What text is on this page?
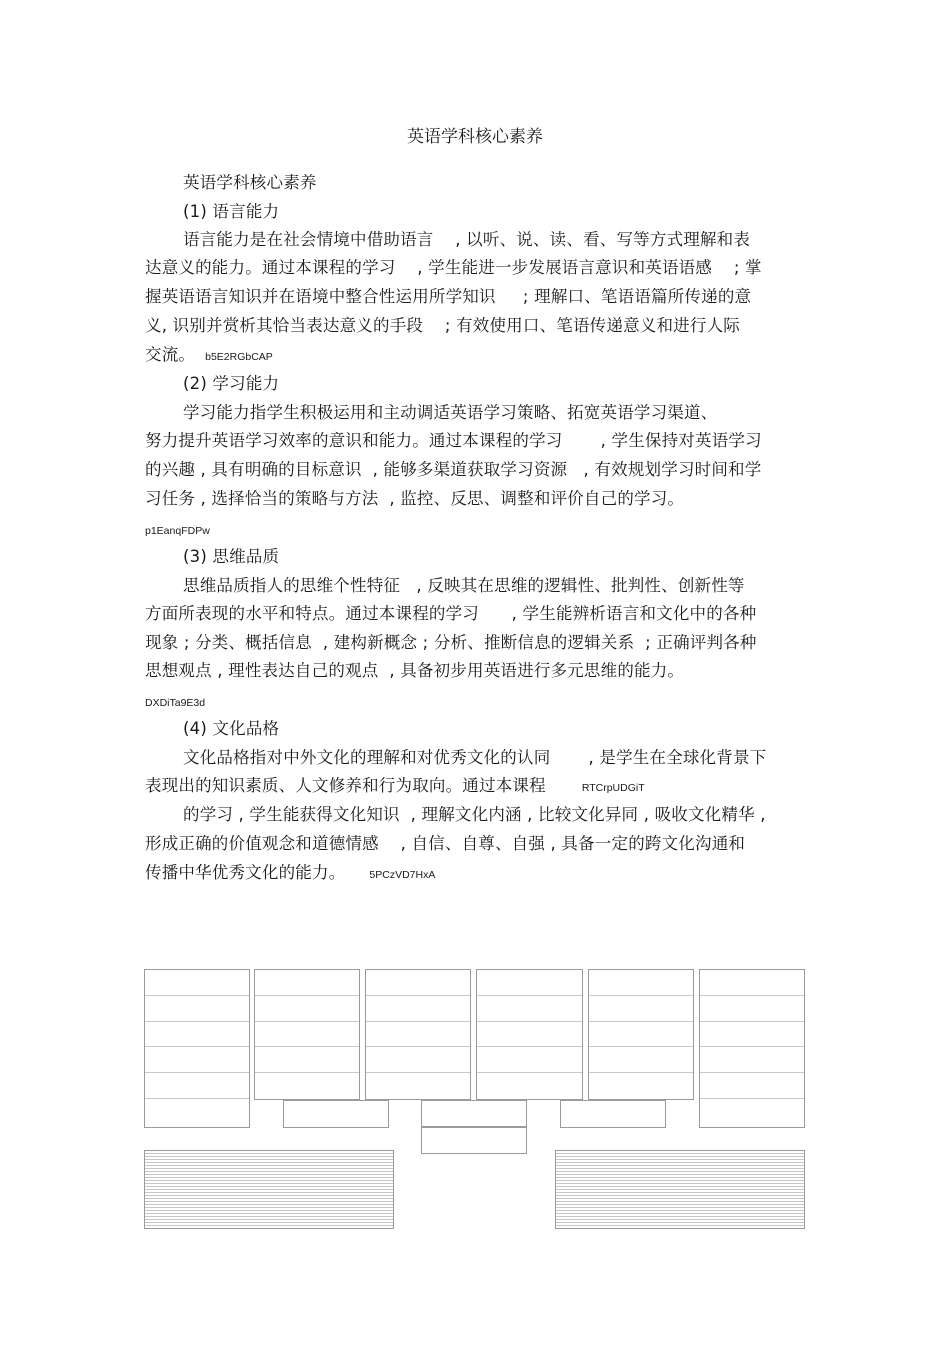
英语学科核心素养
英语学科核心素养
(1) 语言能力
语言能力是在社会情境中借助语言    , 以听、说、读、看、写等方式理解和表
达意义的能力。通过本课程的学习    , 学生能进一步发展语言意识和英语语感    ; 掌
握英语语言知识并在语境中整合性运用所学知识     ; 理解口、笔语语篇所传递的意
义, 识别并赏析其恰当表达意义的手段    ; 有效使用口、笔语传递意义和进行人际
交流。 b5E2RGbCAP
(2) 学习能力
学习能力指学生积极运用和主动调适英语学习策略、拓宽英语学习渠道、
努力提升英语学习效率的意识和能力。通过本课程的学习       , 学生保持对英语学习
的兴趣 , 具有明确的目标意识  , 能够多渠道获取学习资源   , 有效规划学习时间和学
习任务 , 选择恰当的策略与方法  , 监控、反思、调整和评价自己的学习。
p1EanqFDPw
(3) 思维品质
思维品质指人的思维个性特征   , 反映其在思维的逻辑性、批判性、创新性等
方面所表现的水平和特点。通过本课程的学习      , 学生能辨析语言和文化中的各种
现象 ; 分类、概括信息  , 建构新概念 ; 分析、推断信息的逻辑关系  ; 正确评判各种
思想观点 , 理性表达自己的观点  , 具备初步用英语进行多元思维的能力。
DXDiTa9E3d
(4) 文化品格
文化品格指对中外文化的理解和对优秀文化的认同       , 是学生在全球化背景下
表现出的知识素质、人文修养和行为取向。通过本课程	RTCrpUDGiT
的学习 , 学生能获得文化知识  , 理解文化内涵 , 比较文化异同 , 吸收文化精华 ,
形成正确的价值观念和道德情感    , 自信、自尊、自强 , 具备一定的跨文化沟通和
传播中华优秀文化的能力。 5PCzVD7HxA
